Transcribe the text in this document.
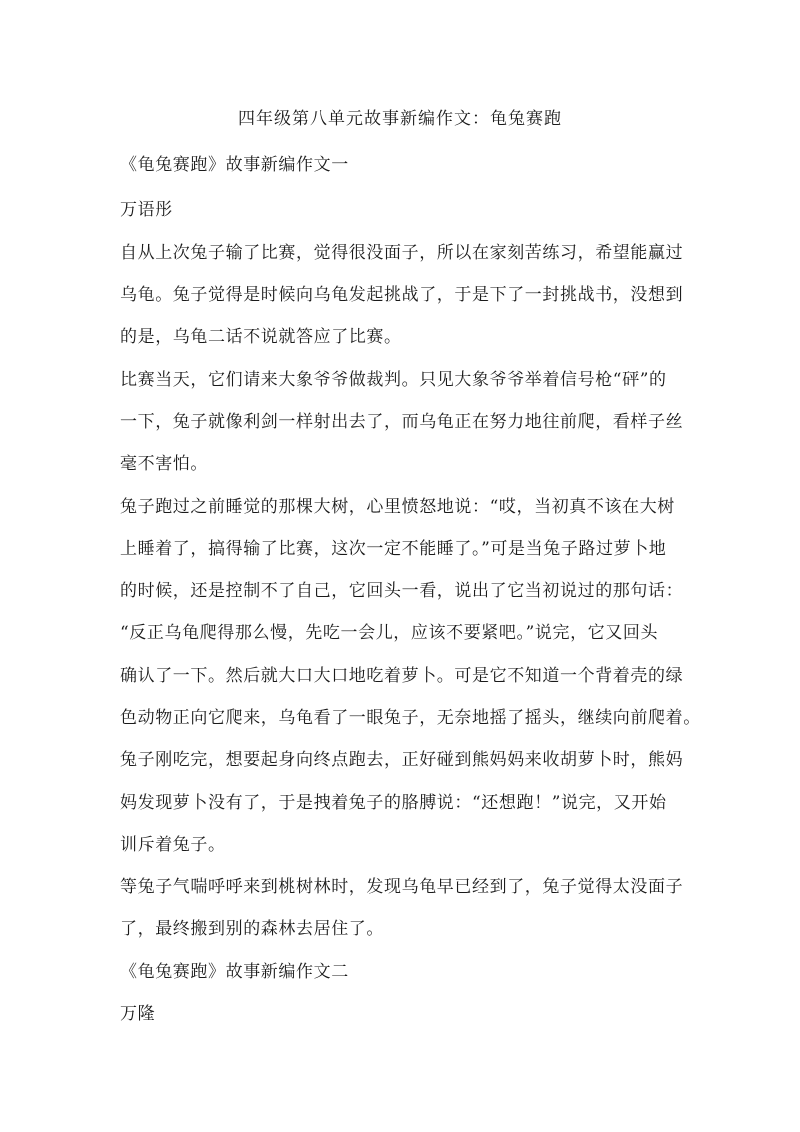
四年级第八单元故事新编作文：龟兔赛跑
《龟兔赛跑》故事新编作文一
万语彤
自从上次兔子输了比赛，觉得很没面子，所以在家刻苦练习，希望能赢过
乌龟。兔子觉得是时候向乌龟发起挑战了，于是下了一封挑战书，没想到
的是，乌龟二话不说就答应了比赛。
比赛当天，它们请来大象爷爷做裁判。只见大象爷爷举着信号枪“砰”的
一下，兔子就像利剑一样射出去了，而乌龟正在努力地往前爬，看样子丝
毫不害怕。
兔子跑过之前睡觉的那棵大树，心里愤怒地说：“哎，当初真不该在大树
上睡着了，搞得输了比赛，这次一定不能睡了。”可是当兔子路过萝卜地
的时候，还是控制不了自己，它回头一看，说出了它当初说过的那句话：
“反正乌龟爬得那么慢，先吃一会儿，应该不要紧吧。”说完，它又回头
确认了一下。然后就大口大口地吃着萝卜。可是它不知道一个背着壳的绿
色动物正向它爬来，乌龟看了一眼兔子，无奈地摇了摇头，继续向前爬着。
兔子刚吃完，想要起身向终点跑去，正好碰到熊妈妈来收胡萝卜时，熊妈
妈发现萝卜没有了，于是拽着兔子的胳膊说：“还想跑！”说完，又开始
训斥着兔子。
等兔子气喘呼呼来到桃树林时，发现乌龟早已经到了，兔子觉得太没面子
了，最终搬到别的森林去居住了。
《龟兔赛跑》故事新编作文二
万隆
